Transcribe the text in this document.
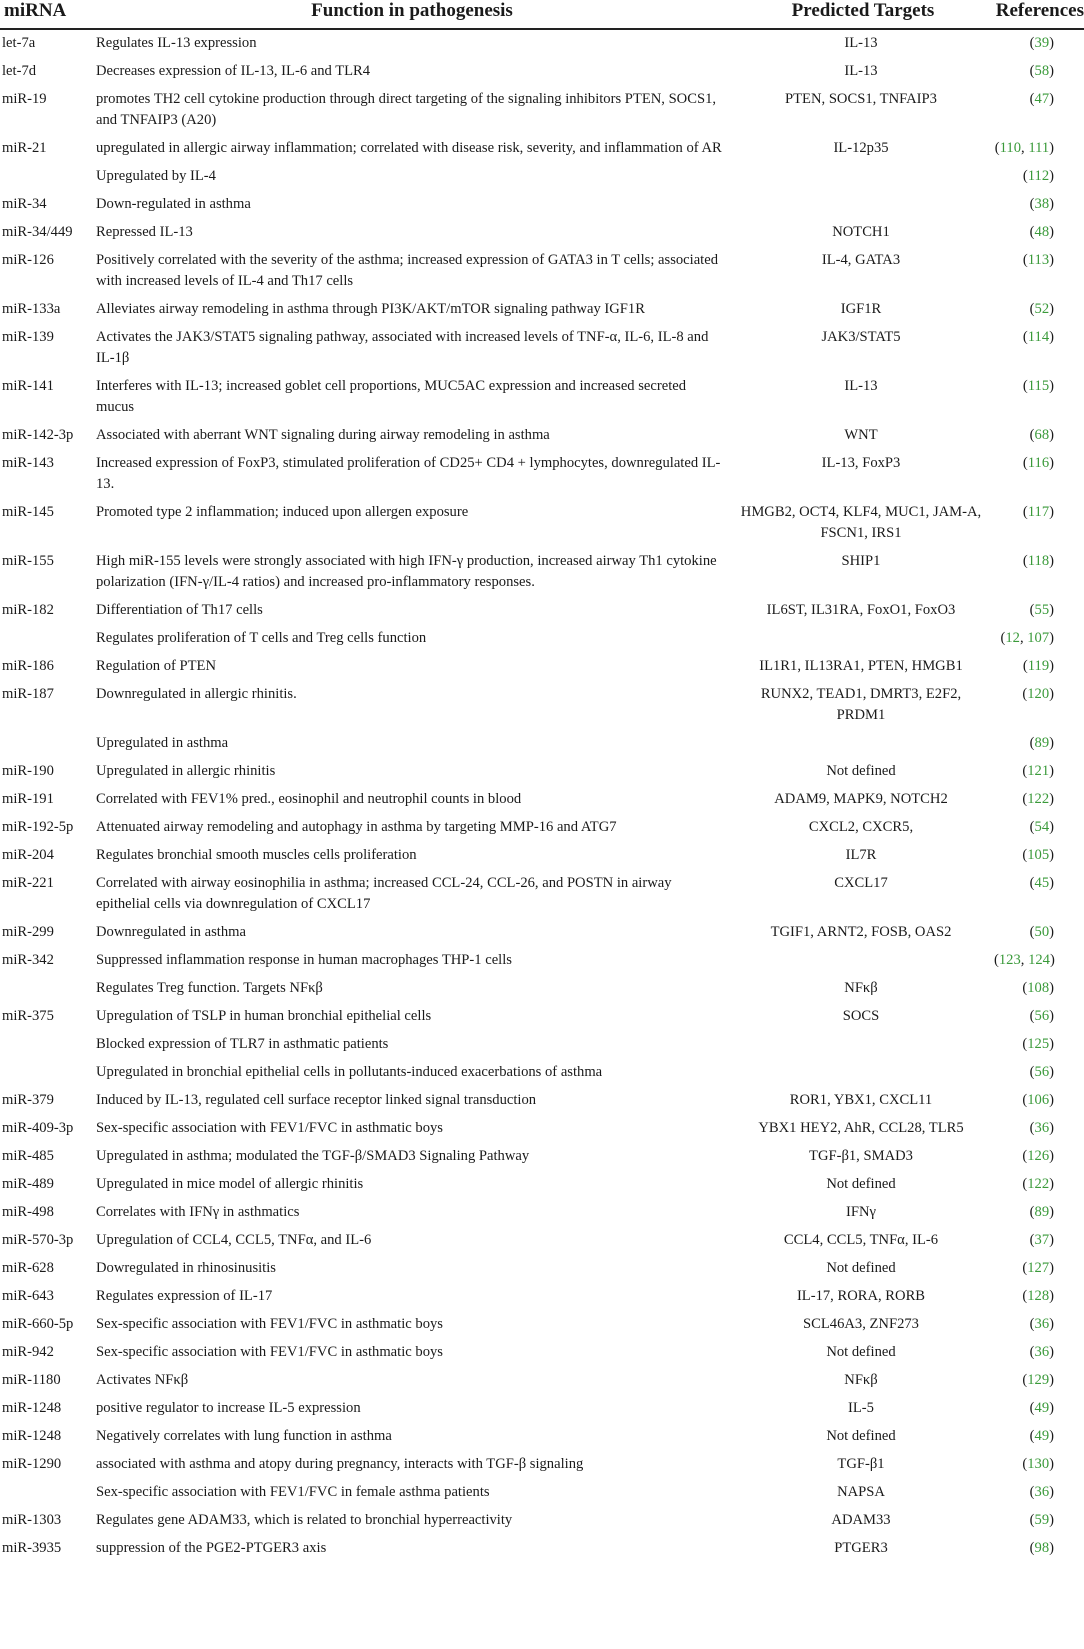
miRNA	Function in pathogenesis	Predicted Targets	References
let-7a	Regulates IL-13 expression	IL-13	(39)
let-7d	Decreases expression of IL-13, IL-6 and TLR4	IL-13	(58)
miR-19	promotes TH2 cell cytokine production through direct targeting of the signaling inhibitors PTEN, SOCS1, and TNFAIP3 (A20)	PTEN, SOCS1, TNFAIP3	(47)
miR-21	upregulated in allergic airway inflammation; correlated with disease risk, severity, and inflammation of AR	IL-12p35	(110, 111)
	Upregulated by IL-4		(112)
miR-34	Down-regulated in asthma		(38)
miR-34/449	Repressed IL-13	NOTCH1	(48)
miR-126	Positively correlated with the severity of the asthma; increased expression of GATA3 in T cells; associated with increased levels of IL-4 and Th17 cells	IL-4, GATA3	(113)
miR-133a	Alleviates airway remodeling in asthma through PI3K/AKT/mTOR signaling pathway IGF1R	IGF1R	(52)
miR-139	Activates the JAK3/STAT5 signaling pathway, associated with increased levels of TNF-α, IL-6, IL-8 and IL-1β	JAK3/STAT5	(114)
miR-141	Interferes with IL-13; increased goblet cell proportions, MUC5AC expression and increased secreted mucus	IL-13	(115)
miR-142-3p	Associated with aberrant WNT signaling during airway remodeling in asthma	WNT	(68)
miR-143	Increased expression of FoxP3, stimulated proliferation of CD25+ CD4 + lymphocytes, downregulated IL-13.	IL-13, FoxP3	(116)
miR-145	Promoted type 2 inflammation; induced upon allergen exposure	HMGB2, OCT4, KLF4, MUC1, JAM-A, FSCN1, IRS1	(117)
miR-155	High miR-155 levels were strongly associated with high IFN-γ production, increased airway Th1 cytokine polarization (IFN-γ/IL-4 ratios) and increased pro-inflammatory responses.	SHIP1	(118)
miR-182	Differentiation of Th17 cells	IL6ST, IL31RA, FoxO1, FoxO3	(55)
	Regulates proliferation of T cells and Treg cells function		(12, 107)
miR-186	Regulation of PTEN	IL1R1, IL13RA1, PTEN, HMGB1	(119)
miR-187	Downregulated in allergic rhinitis.	RUNX2, TEAD1, DMRT3, E2F2, PRDM1	(120)
	Upregulated in asthma		(89)
miR-190	Upregulated in allergic rhinitis	Not defined	(121)
miR-191	Correlated with FEV1% pred., eosinophil and neutrophil counts in blood	ADAM9, MAPK9, NOTCH2	(122)
miR-192-5p	Attenuated airway remodeling and autophagy in asthma by targeting MMP-16 and ATG7	CXCL2, CXCR5,	(54)
miR-204	Regulates bronchial smooth muscles cells proliferation	IL7R	(105)
miR-221	Correlated with airway eosinophilia in asthma; increased CCL-24, CCL-26, and POSTN in airway epithelial cells via downregulation of CXCL17	CXCL17	(45)
miR-299	Downregulated in asthma	TGIF1, ARNT2, FOSB, OAS2	(50)
miR-342	Suppressed inflammation response in human macrophages THP-1 cells		(123, 124)
	Regulates Treg function. Targets NFκβ	NFκβ	(108)
miR-375	Upregulation of TSLP in human bronchial epithelial cells	SOCS	(56)
	Blocked expression of TLR7 in asthmatic patients		(125)
	Upregulated in bronchial epithelial cells in pollutants-induced exacerbations of asthma		(56)
miR-379	Induced by IL-13, regulated cell surface receptor linked signal transduction	ROR1, YBX1, CXCL11	(106)
miR-409-3p	Sex-specific association with FEV1/FVC in asthmatic boys	YBX1 HEY2, AhR, CCL28, TLR5	(36)
miR-485	Upregulated in asthma; modulated the TGF-β/SMAD3 Signaling Pathway	TGF-β1, SMAD3	(126)
miR-489	Upregulated in mice model of allergic rhinitis	Not defined	(122)
miR-498	Correlates with IFNγ in asthmatics	IFNγ	(89)
miR-570-3p	Upregulation of CCL4, CCL5, TNFα, and IL-6	CCL4, CCL5, TNFα, IL-6	(37)
miR-628	Dowregulated in rhinosinusitis	Not defined	(127)
miR-643	Regulates expression of IL-17	IL-17, RORA, RORB	(128)
miR-660-5p	Sex-specific association with FEV1/FVC in asthmatic boys	SCL46A3, ZNF273	(36)
miR-942	Sex-specific association with FEV1/FVC in asthmatic boys	Not defined	(36)
miR-1180	Activates NFκβ	NFκβ	(129)
miR-1248	positive regulator to increase IL-5 expression	IL-5	(49)
miR-1248	Negatively correlates with lung function in asthma	Not defined	(49)
miR-1290	associated with asthma and atopy during pregnancy, interacts with TGF-β signaling	TGF-β1	(130)
	Sex-specific association with FEV1/FVC in female asthma patients	NAPSA	(36)
miR-1303	Regulates gene ADAM33, which is related to bronchial hyperreactivity	ADAM33	(59)
miR-3935	suppression of the PGE2-PTGER3 axis	PTGER3	(98)
